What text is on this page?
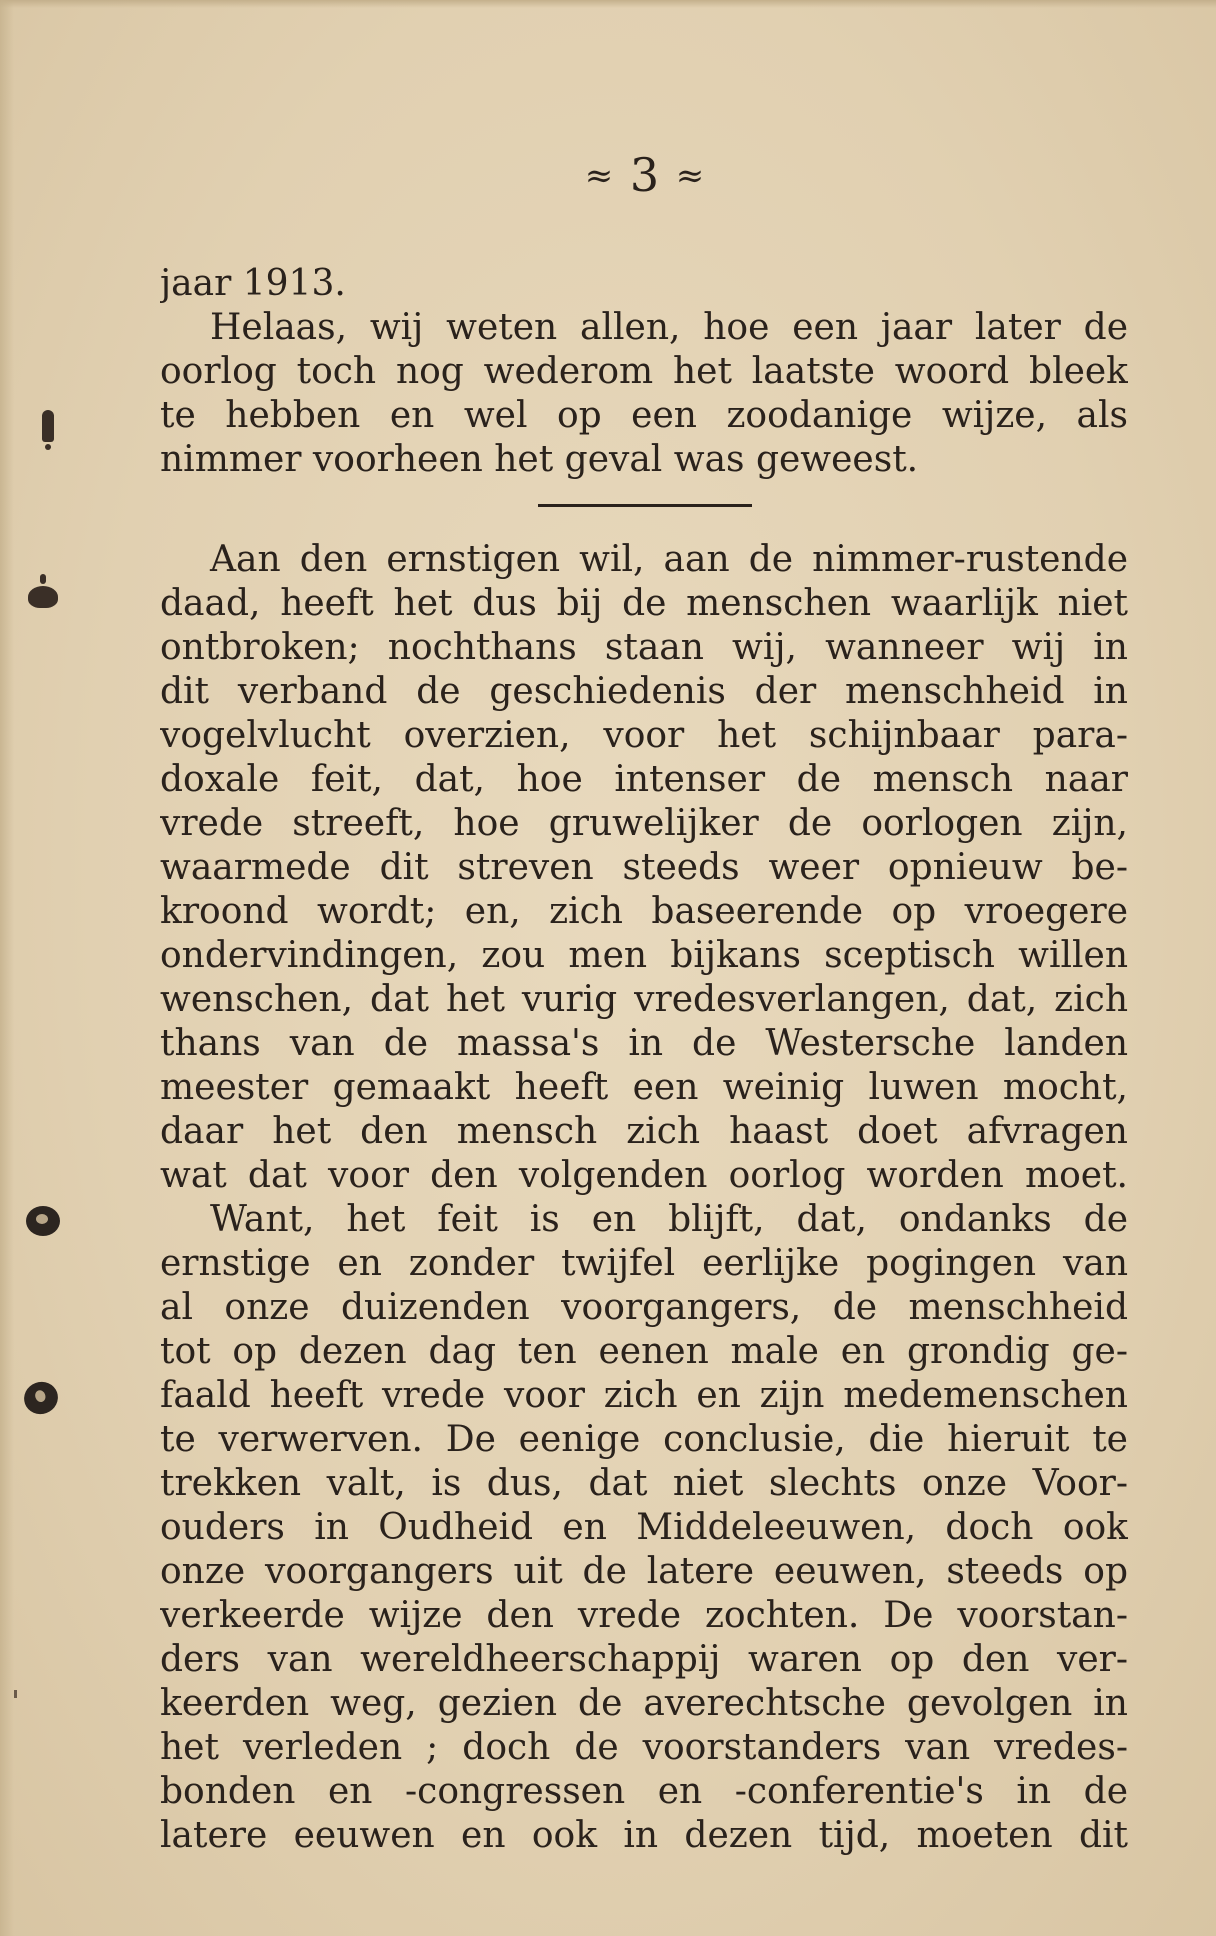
≈ 3 ≈
jaar 1913.
Helaas, wij weten allen, hoe een jaar later de
oorlog toch nog wederom het laatste woord bleek
te hebben en wel op een zoodanige wijze, als
nimmer voorheen het geval was geweest.
Aan den ernstigen wil, aan de nimmer-rustende
daad, heeft het dus bij de menschen waarlijk niet
ontbroken; nochthans staan wij, wanneer wij in
dit verband de geschiedenis der menschheid in
vogelvlucht overzien, voor het schijnbaar para-
doxale feit, dat, hoe intenser de mensch naar
vrede streeft, hoe gruwelijker de oorlogen zijn,
waarmede dit streven steeds weer opnieuw be-
kroond wordt; en, zich baseerende op vroegere
ondervindingen, zou men bijkans sceptisch willen
wenschen, dat het vurig vredesverlangen, dat, zich
thans van de massa's in de Westersche landen
meester gemaakt heeft een weinig luwen mocht,
daar het den mensch zich haast doet afvragen
wat dat voor den volgenden oorlog worden moet.
Want, het feit is en blijft, dat, ondanks de
ernstige en zonder twijfel eerlijke pogingen van
al onze duizenden voorgangers, de menschheid
tot op dezen dag ten eenen male en grondig ge-
faald heeft vrede voor zich en zijn medemenschen
te verwerven. De eenige conclusie, die hieruit te
trekken valt, is dus, dat niet slechts onze Voor-
ouders in Oudheid en Middeleeuwen, doch ook
onze voorgangers uit de latere eeuwen, steeds op
verkeerde wijze den vrede zochten. De voorstan-
ders van wereldheerschappij waren op den ver-
keerden weg, gezien de averechtsche gevolgen in
het verleden ; doch de voorstanders van vredes-
bonden en -congressen en -conferentie's in de
latere eeuwen en ook in dezen tijd, moeten dit
